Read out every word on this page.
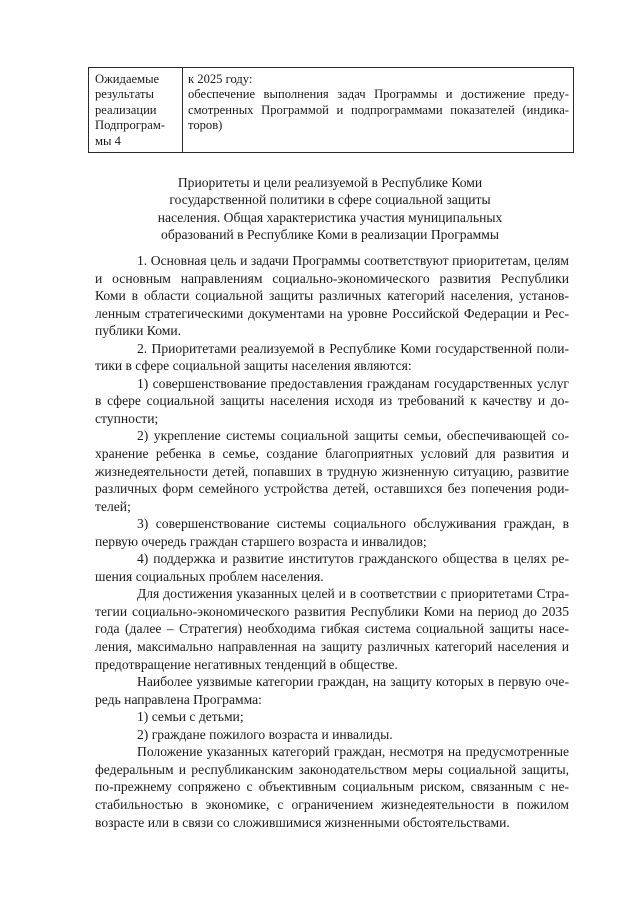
Ожидаемые
результаты
реализации
Подпрограм-
мы 4
к 2025 году:
обеспечение выполнения задач Программы и достижение преду-
смотренных Программой и подпрограммами показателей (индика-
торов)
Приоритеты и цели реализуемой в Республике Коми
государственной политики в сфере социальной защиты
населения. Общая характеристика участия муниципальных
образований в Республике Коми в реализации Программы
1. Основная цель и задачи Программы соответствуют приоритетам, целям
и основным направлениям социально-экономического развития Республики
Коми в области социальной защиты различных категорий населения, установ-
ленным стратегическими документами на уровне Российской Федерации и Рес-
публики Коми.
2. Приоритетами реализуемой в Республике Коми государственной поли-
тики в сфере социальной защиты населения являются:
1) совершенствование предоставления гражданам государственных услуг
в сфере социальной защиты населения исходя из требований к качеству и до-
ступности;
2) укрепление системы социальной защиты семьи, обеспечивающей со-
хранение ребенка в семье, создание благоприятных условий для развития и
жизнедеятельности детей, попавших в трудную жизненную ситуацию, развитие
различных форм семейного устройства детей, оставшихся без попечения роди-
телей;
3) совершенствование системы социального обслуживания граждан, в
первую очередь граждан старшего возраста и инвалидов;
4) поддержка и развитие институтов гражданского общества в целях ре-
шения социальных проблем населения.
Для достижения указанных целей и в соответствии с приоритетами Стра-
тегии социально-экономического развития Республики Коми на период до 2035
года (далее – Стратегия) необходима гибкая система социальной защиты насе-
ления, максимально направленная на защиту различных категорий населения и
предотвращение негативных тенденций в обществе.
Наиболее уязвимые категории граждан, на защиту которых в первую оче-
редь направлена Программа:
1) семьи с детьми;
2) граждане пожилого возраста и инвалиды.
Положение указанных категорий граждан, несмотря на предусмотренные
федеральным и республиканским законодательством меры социальной защиты,
по-прежнему сопряжено с объективным социальным риском, связанным с не-
стабильностью в экономике, с ограничением жизнедеятельности в пожилом
возрасте или в связи со сложившимися жизненными обстоятельствами.
